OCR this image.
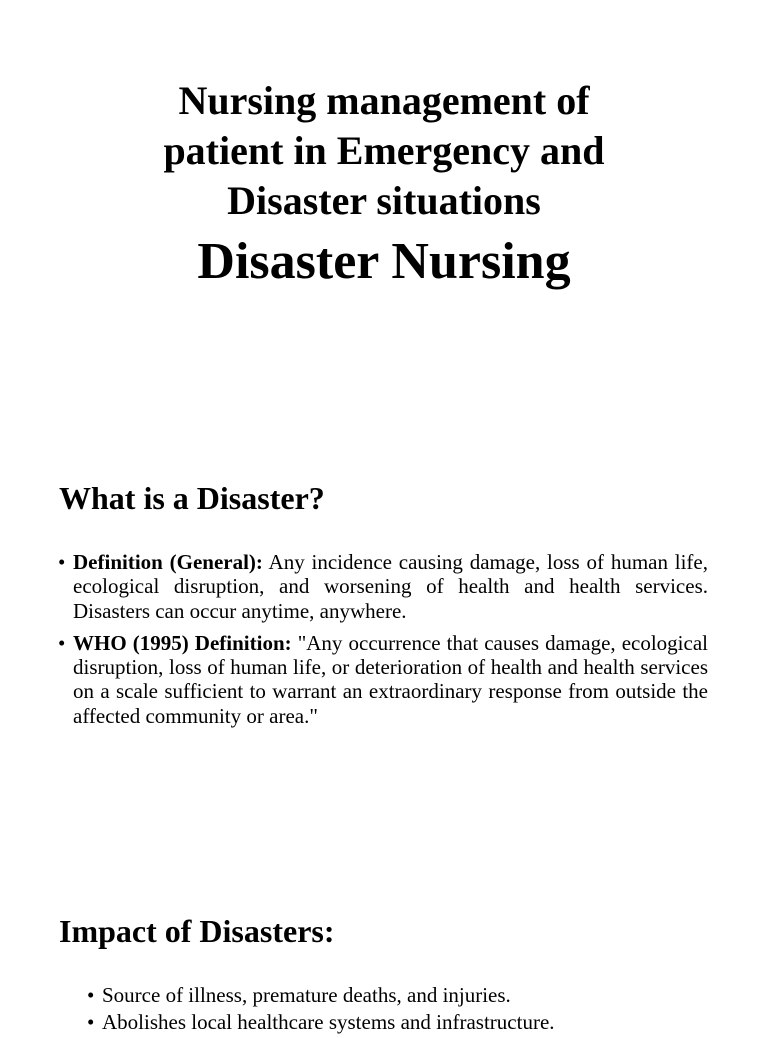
Nursing management of
patient in Emergency and
Disaster situations
Disaster Nursing
What is a Disaster?
• Definition (General): Any incidence causing damage, loss of human life, ecological disruption, and worsening of health and health services. Disasters can occur anytime, anywhere.
• WHO (1995) Definition: "Any occurrence that causes damage, ecological disruption, loss of human life, or deterioration of health and health services on a scale sufficient to warrant an extraordinary response from outside the affected community or area."
Impact of Disasters:
• Source of illness, premature deaths, and injuries.
• Abolishes local healthcare systems and infrastructure.
